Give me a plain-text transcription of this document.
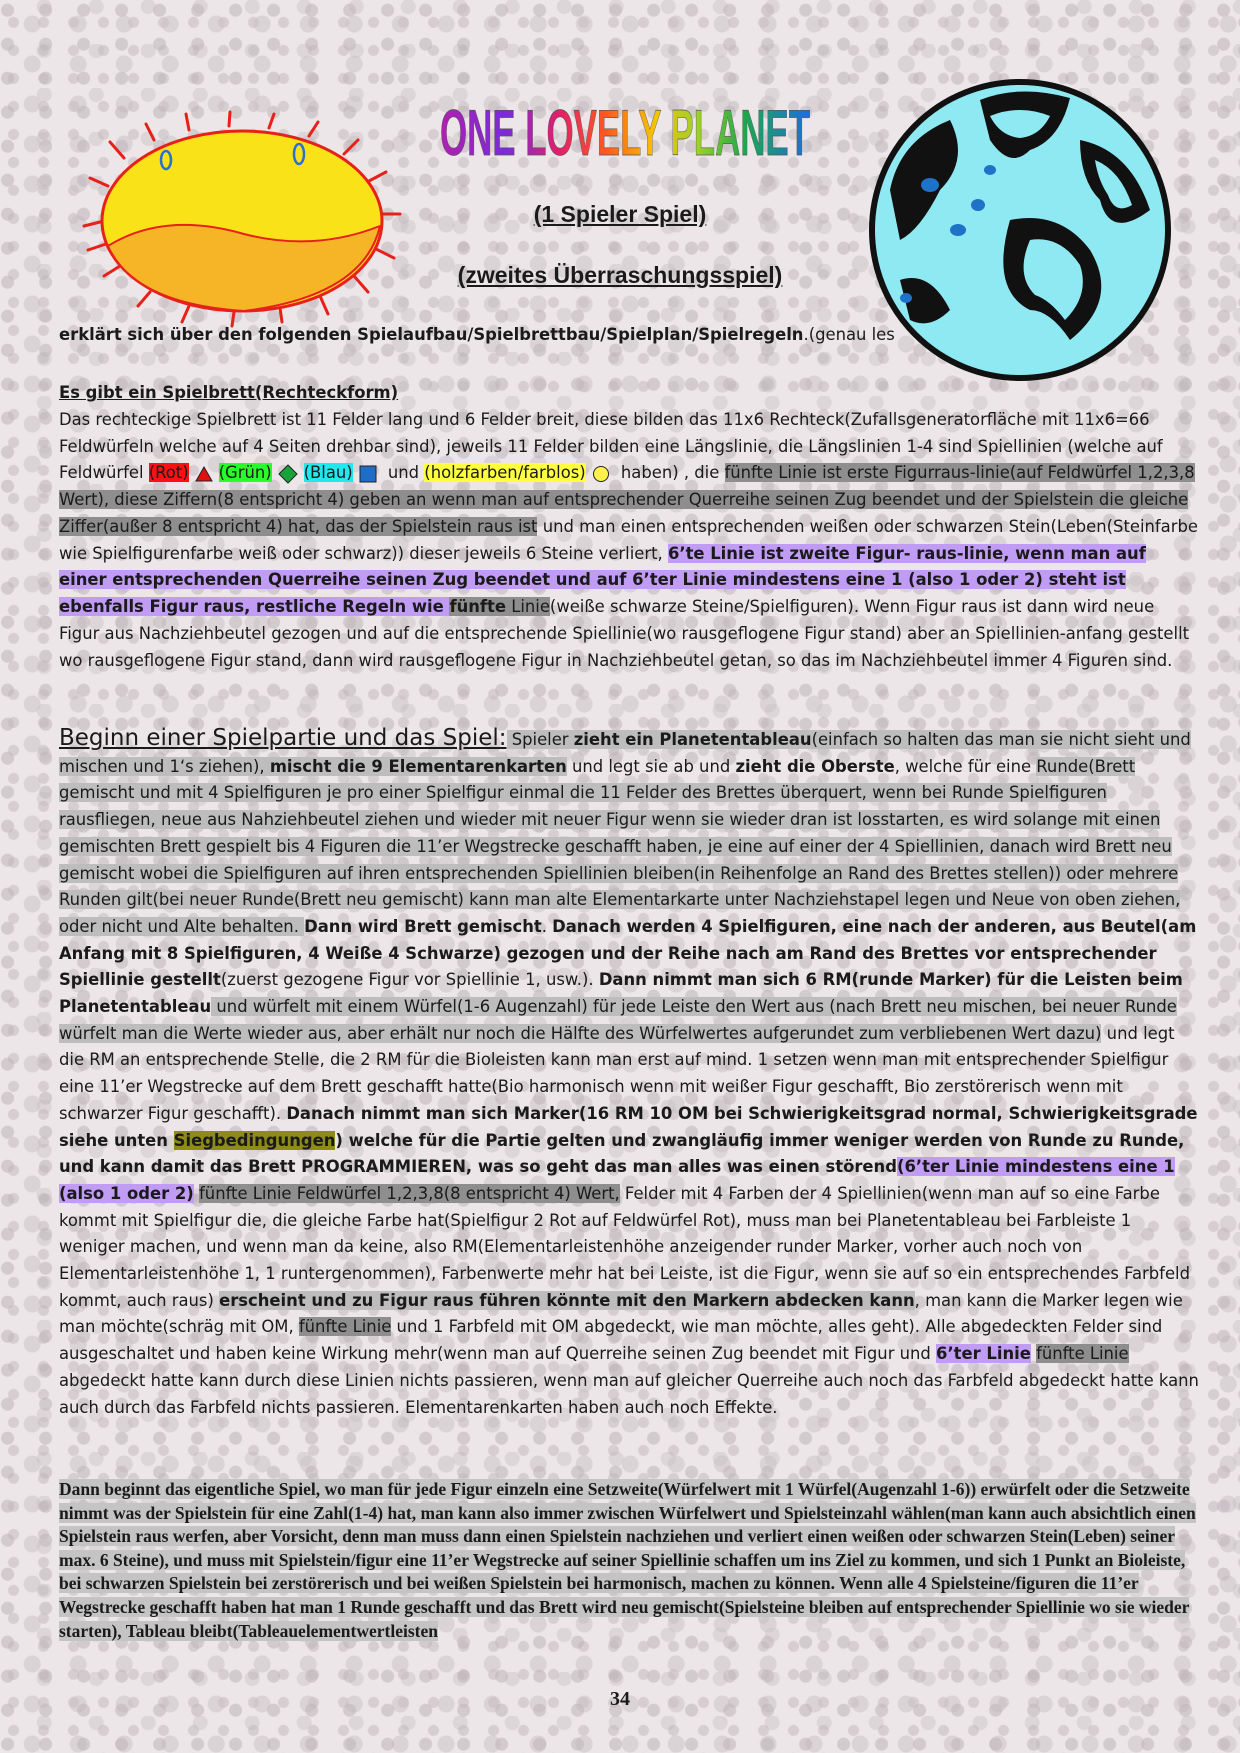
ONE LOVELY PLANET
(1 Spieler Spiel)
(zweites Überraschungsspiel)
erklärt sich über den folgenden Spielaufbau/Spielbrettbau/Spielplan/Spielregeln.(genau les
Es gibt ein Spielbrett(Rechteckform)
Das rechteckige Spielbrett ist 11 Felder lang und 6 Felder breit, diese bilden das 11x6 Rechteck(Zufallsgeneratorfläche mit 11x6=66 Feldwürfeln welche auf 4 Seiten drehbar sind), jeweils 11 Felder bilden eine Längslinie, die Längslinien 1-4 sind Spiellinien (welche auf Feldwürfel (Rot) (Grün) (Blau) und (holzfarben/farblos) haben) , die fünfte Linie ist erste Figurraus-linie(auf Feldwürfel 1,2,3,8 Wert), diese Ziffern(8 entspricht 4) geben an wenn man auf entsprechender Querreihe seinen Zug beendet und der Spielstein die gleiche Ziffer(außer 8 entspricht 4) hat, das der Spielstein raus ist und man einen entsprechenden weißen oder schwarzen Stein(Leben(Steinfarbe wie Spielfigurenfarbe weiß oder schwarz)) dieser jeweils 6 Steine verliert, 6’te Linie ist zweite Figur- raus-linie, wenn man auf einer entsprechenden Querreihe seinen Zug beendet und auf 6’ter Linie mindestens eine 1 (also 1 oder 2) steht ist ebenfalls Figur raus, restliche Regeln wie fünfte Linie(weiße schwarze Steine/Spielfiguren). Wenn Figur raus ist dann wird neue Figur aus Nachziehbeutel gezogen und auf die entsprechende Spiellinie(wo rausgeflogene Figur stand) aber an Spiellinien-anfang gestellt wo rausgeflogene Figur stand, dann wird rausgeflogene Figur in Nachziehbeutel getan, so das im Nachziehbeutel immer 4 Figuren sind.
Beginn einer Spielpartie und das Spiel: Spieler zieht ein Planetentableau(einfach so halten das man sie nicht sieht und mischen und 1‘s ziehen), mischt die 9 Elementarenkarten und legt sie ab und zieht die Oberste, welche für eine Runde(Brett gemischt und mit 4 Spielfiguren je pro einer Spielfigur einmal die 11 Felder des Brettes überquert, wenn bei Runde Spielfiguren rausfliegen, neue aus Nahziehbeutel ziehen und wieder mit neuer Figur wenn sie wieder dran ist losstarten, es wird solange mit einen gemischten Brett gespielt bis 4 Figuren die 11’er Wegstrecke geschafft haben, je eine auf einer der 4 Spiellinien, danach wird Brett neu gemischt wobei die Spielfiguren auf ihren entsprechenden Spiellinien bleiben(in Reihenfolge an Rand des Brettes stellen)) oder mehrere Runden gilt(bei neuer Runde(Brett neu gemischt) kann man alte Elementarkarte unter Nachziehstapel legen und Neue von oben ziehen, oder nicht und Alte behalten. Dann wird Brett gemischt. Danach werden 4 Spielfiguren, eine nach der anderen, aus Beutel(am Anfang mit 8 Spielfiguren, 4 Weiße 4 Schwarze) gezogen und der Reihe nach am Rand des Brettes vor entsprechender Spiellinie gestellt(zuerst gezogene Figur vor Spiellinie 1, usw.). Dann nimmt man sich 6 RM(runde Marker) für die Leisten beim Planetentableau und würfelt mit einem Würfel(1-6 Augenzahl) für jede Leiste den Wert aus (nach Brett neu mischen, bei neuer Runde würfelt man die Werte wieder aus, aber erhält nur noch die Hälfte des Würfelwertes aufgerundet zum verbliebenen Wert dazu) und legt die RM an entsprechende Stelle, die 2 RM für die Bioleisten kann man erst auf mind. 1 setzen wenn man mit entsprechender Spielfigur eine 11’er Wegstrecke auf dem Brett geschafft hatte(Bio harmonisch wenn mit weißer Figur geschafft, Bio zerstörerisch wenn mit schwarzer Figur geschafft). Danach nimmt man sich Marker(16 RM 10 OM bei Schwierigkeitsgrad normal, Schwierigkeitsgrade siehe unten Siegbedingungen) welche für die Partie gelten und zwangläufig immer weniger werden von Runde zu Runde, und kann damit das Brett PROGRAMMIEREN, was so geht das man alles was einen störend(6’ter Linie mindestens eine 1 (also 1 oder 2) fünfte Linie Feldwürfel 1,2,3,8(8 entspricht 4) Wert, Felder mit 4 Farben der 4 Spiellinien(wenn man auf so eine Farbe kommt mit Spielfigur die, die gleiche Farbe hat(Spielfigur 2 Rot auf Feldwürfel Rot), muss man bei Planetentableau bei Farbleiste 1 weniger machen, und wenn man da keine, also RM(Elementarleistenhöhe anzeigender runder Marker, vorher auch noch von Elementarleistenhöhe 1, 1 runtergenommen), Farbenwerte mehr hat bei Leiste, ist die Figur, wenn sie auf so ein entsprechendes Farbfeld kommt, auch raus) erscheint und zu Figur raus führen könnte mit den Markern abdecken kann, man kann die Marker legen wie man möchte(schräg mit OM, fünfte Linie und 1 Farbfeld mit OM abgedeckt, wie man möchte, alles geht). Alle abgedeckten Felder sind ausgeschaltet und haben keine Wirkung mehr(wenn man auf Querreihe seinen Zug beendet mit Figur und 6’ter Linie fünfte Linie abgedeckt hatte kann durch diese Linien nichts passieren, wenn man auf gleicher Querreihe auch noch das Farbfeld abgedeckt hatte kann auch durch das Farbfeld nichts passieren. Elementarenkarten haben auch noch Effekte.
Dann beginnt das eigentliche Spiel, wo man für jede Figur einzeln eine Setzweite(Würfelwert mit 1 Würfel(Augenzahl 1-6)) erwürfelt oder die Setzweite nimmt was der Spielstein für eine Zahl(1-4) hat, man kann also immer zwischen Würfelwert und Spielsteinzahl wählen(man kann auch absichtlich einen Spielstein raus werfen, aber Vorsicht, denn man muss dann einen Spielstein nachziehen und verliert einen weißen oder schwarzen Stein(Leben) seiner max. 6 Steine), und muss mit Spielstein/figur eine 11’er Wegstrecke auf seiner Spiellinie schaffen um ins Ziel zu kommen, und sich 1 Punkt an Bioleiste, bei schwarzen Spielstein bei zerstörerisch und bei weißen Spielstein bei harmonisch, machen zu können. Wenn alle 4 Spielsteine/figuren die 11’er Wegstrecke geschafft haben hat man 1 Runde geschafft und das Brett wird neu gemischt(Spielsteine bleiben auf entsprechender Spiellinie wo sie wieder starten), Tableau bleibt(Tableauelementwertleisten
34
